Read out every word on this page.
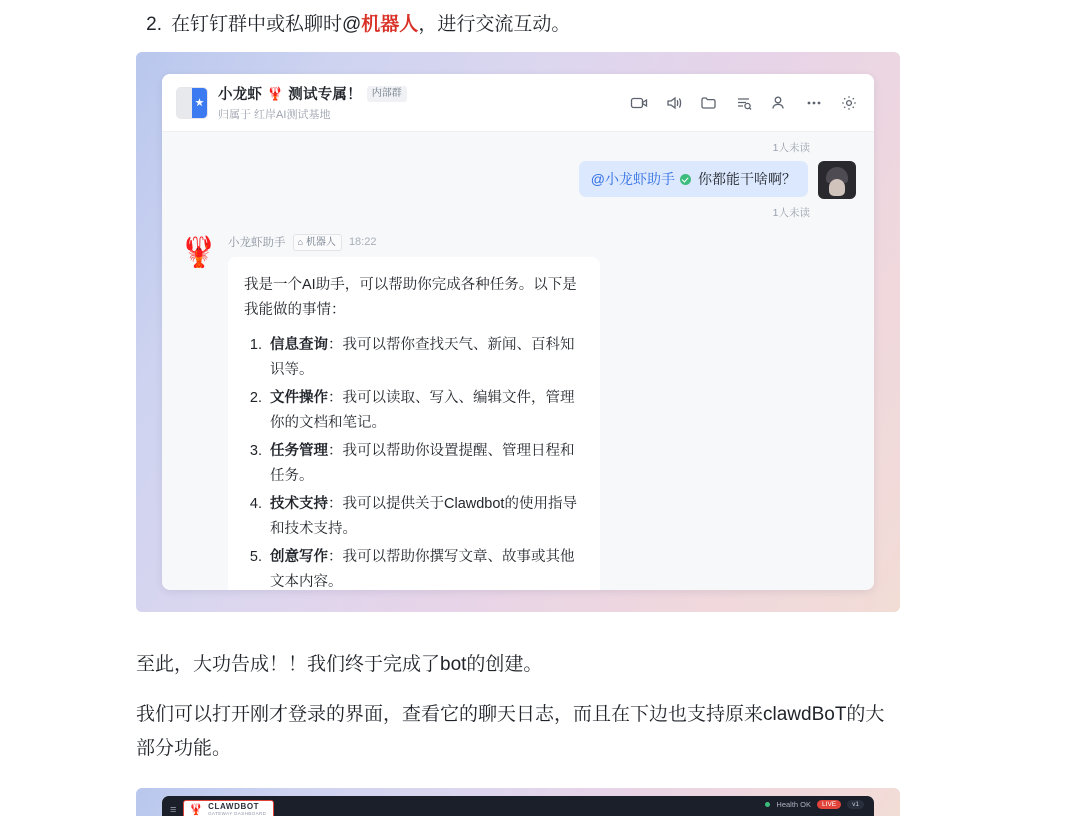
2. 在钉钉群中或私聊时@机器人，进行交流互动。
小龙虾 🦞 测试专属！	内部群
归属于 红岸AI测试基地
1人未读
@小龙虾助手 你都能干啥啊？
1人未读
🦞 小龙虾助手 ⌂ 机器人 18:22

我是一个AI助手，可以帮助你完成各种任务。以下是我能做的事情：

1. 信息查询：我可以帮你查找天气、新闻、百科知识等。
2. 文件操作：我可以读取、写入、编辑文件，管理你的文档和笔记。
3. 任务管理：我可以帮助你设置提醒、管理日程和任务。
4. 技术支持：我可以提供关于Clawdbot的使用指导和技术支持。
5. 创意写作：我可以帮助你撰写文章、故事或其他文本内容。
至此，大功告成！！我们终于完成了bot的创建。
我们可以打开刚才登录的界面，查看它的聊天日志，而且在下边也支持原来clawdBoT的大部分功能。
≡ 🦞 CLAWDBOT
GATEWAY DASHBOARD
Health OK	LIVE	v1
